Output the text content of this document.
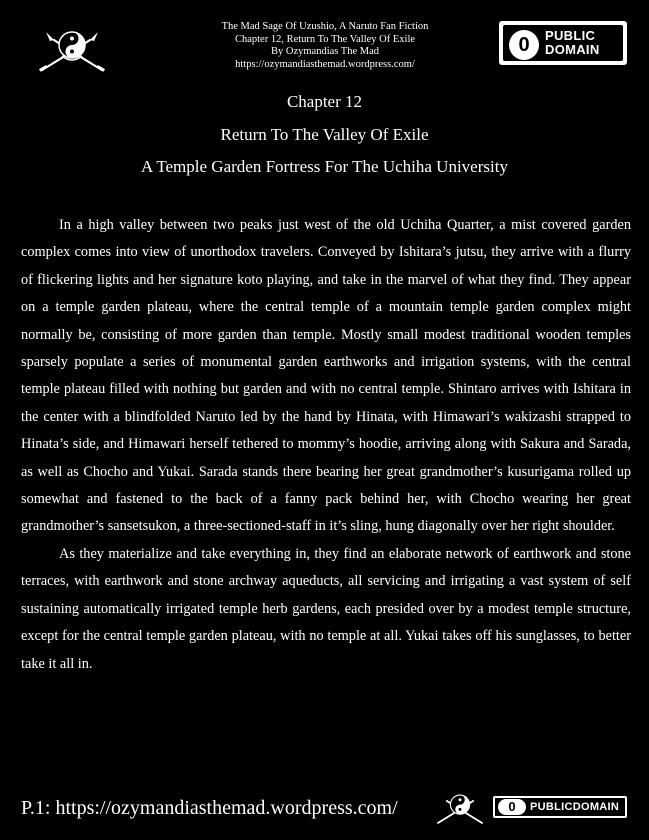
The Mad Sage Of Uzushio, A Naruto Fan Fiction
Chapter 12, Return To The Valley Of Exile
By Ozymandias The Mad
https://ozymandiasthemad.wordpress.com/
0	PUBLIC
DOMAIN
Chapter 12
Return To The Valley Of Exile
A Temple Garden Fortress For The Uchiha University

In a high valley between two peaks just west of the old Uchiha Quarter, a mist covered garden complex comes into view of unorthodox travelers. Conveyed by Ishitara’s jutsu, they arrive with a flurry of flickering lights and her signature koto playing, and take in the marvel of what they find. They appear on a temple garden plateau, where the central temple of a mountain temple garden complex might normally be, consisting of more garden than temple. Mostly small modest traditional wooden temples sparsely populate a series of monumental garden earthworks and irrigation systems, with the central temple plateau filled with nothing but garden and with no central temple. Shintaro arrives with Ishitara in the center with a blindfolded Naruto led by the hand by Hinata, with Himawari’s wakizashi strapped to Hinata’s side, and Himawari herself tethered to mommy’s hoodie, arriving along with Sakura and Sarada, as well as Chocho and Yukai. Sarada stands there bearing her great grandmother’s kusurigama rolled up somewhat and fastened to the back of a fanny pack behind her, with Chocho wearing her great grandmother’s sansetsukon, a three-sectioned-staff in it’s sling, hung diagonally over her right shoulder.

As they materialize and take everything in, they find an elaborate network of earthwork and stone terraces, with earthwork and stone archway aqueducts, all servicing and irrigating a vast system of self sustaining automatically irrigated temple herb gardens, each presided over by a modest temple structure, except for the central temple garden plateau, with no temple at all. Yukai takes off his sunglasses, to better take it all in.

P.1: https://ozymandiasthemad.wordpress.com/	0	PUBLICDOMAIN
